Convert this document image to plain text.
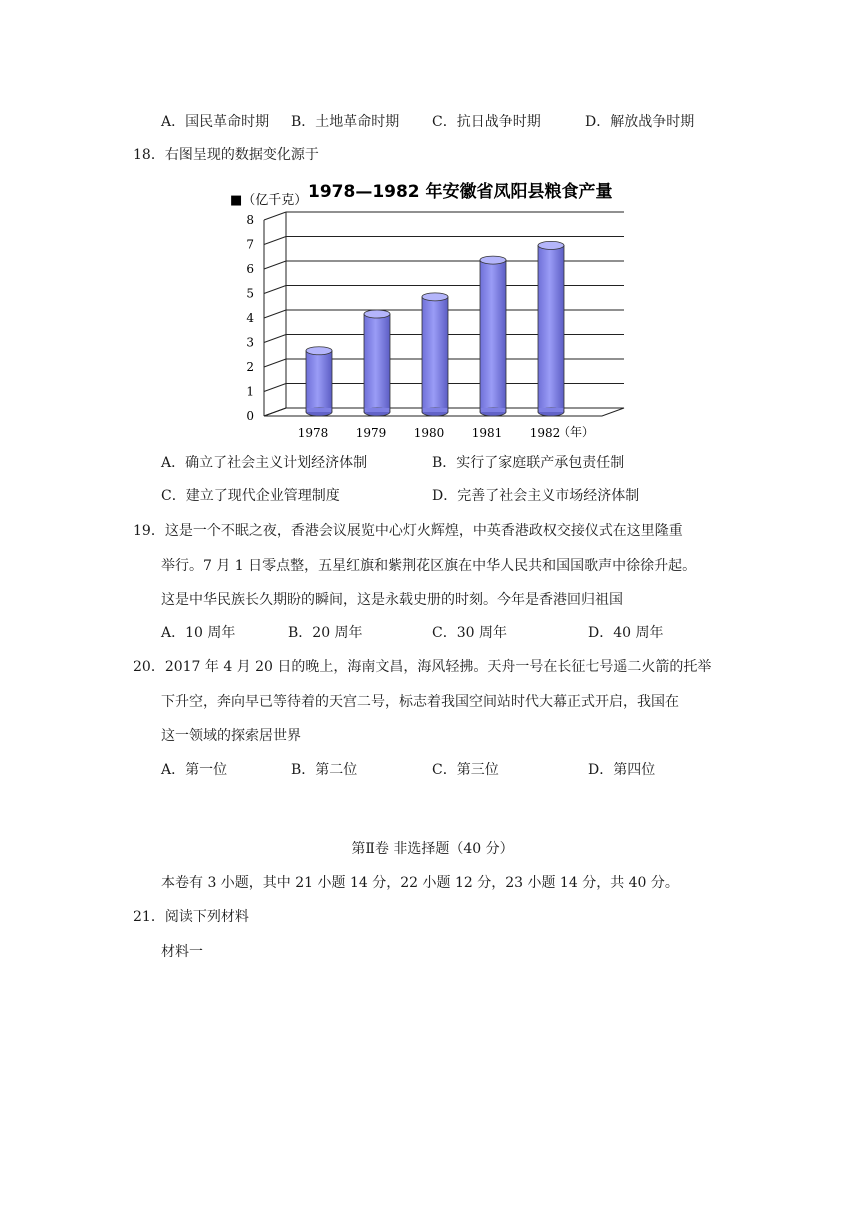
A．国民革命时期 B．土地革命时期 C．抗日战争时期	D．解放战争时期
18．右图呈现的数据变化源于
■（亿千克） 1978—1982 年安徽省凤阳县粮食产量
0
1
2
3
4
5
6
7
8
1978 1979 1980 1981 1982
（年）
A．确立了社会主义计划经济体制	B．实行了家庭联产承包责任制
C．建立了现代企业管理制度	D．完善了社会主义市场经济体制
19．这是一个不眠之夜，香港会议展览中心灯火辉煌，中英香港政权交接仪式在这里隆重
举行。7 月 1 日零点整，五星红旗和紫荆花区旗在中华人民共和国国歌声中徐徐升起。
这是中华民族长久期盼的瞬间，这是永载史册的时刻。今年是香港回归祖国
A．10 周年	B．20 周年	C．30 周年	D．40 周年
20．2017 年 4 月 20 日的晚上，海南文昌，海风轻拂。天舟一号在长征七号遥二火箭的托举
下升空，奔向早已等待着的天宫二号，标志着我国空间站时代大幕正式开启，我国在
这一领域的探索居世界
A．第一位	B．第二位	C．第三位	D．第四位
第Ⅱ卷 非选择题（40 分）
本卷有 3 小题，其中 21 小题 14 分，22 小题 12 分，23 小题 14 分，共 40 分。
21．阅读下列材料
材料一
